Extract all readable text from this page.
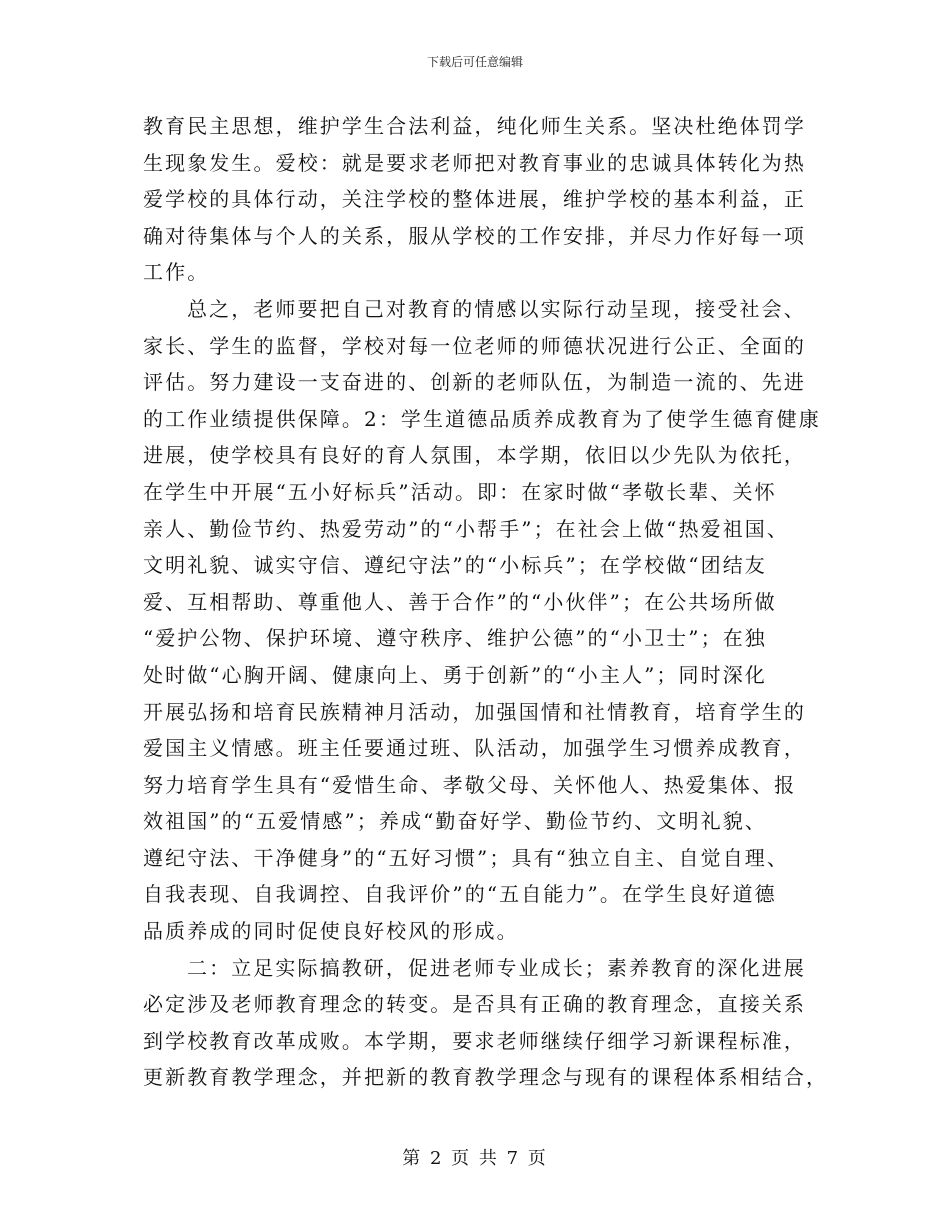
下载后可任意编辑
教育民主思想，维护学生合法利益，纯化师生关系。坚决杜绝体罚学
生现象发生。爱校：就是要求老师把对教育事业的忠诚具体转化为热
爱学校的具体行动，关注学校的整体进展，维护学校的基本利益，正
确对待集体与个人的关系，服从学校的工作安排，并尽力作好每一项
工作。
总之，老师要把自己对教育的情感以实际行动呈现，接受社会、
家长、学生的监督，学校对每一位老师的师德状况进行公正、全面的
评估。努力建设一支奋进的、创新的老师队伍，为制造一流的、先进
的工作业绩提供保障。2：学生道德品质养成教育为了使学生德育健康
进展，使学校具有良好的育人氛围，本学期，依旧以少先队为依托，
在学生中开展“五小好标兵”活动。即：在家时做“孝敬长辈、关怀
亲人、勤俭节约、热爱劳动”的“小帮手”；在社会上做“热爱祖国、
文明礼貌、诚实守信、遵纪守法”的“小标兵”；在学校做“团结友
爱、互相帮助、尊重他人、善于合作”的“小伙伴”；在公共场所做
“爱护公物、保护环境、遵守秩序、维护公德”的“小卫士”；在独
处时做“心胸开阔、健康向上、勇于创新”的“小主人”；同时深化
开展弘扬和培育民族精神月活动，加强国情和社情教育，培育学生的
爱国主义情感。班主任要通过班、队活动，加强学生习惯养成教育，
努力培育学生具有“爱惜生命、孝敬父母、关怀他人、热爱集体、报
效祖国”的“五爱情感”；养成“勤奋好学、勤俭节约、文明礼貌、
遵纪守法、干净健身”的“五好习惯”；具有“独立自主、自觉自理、
自我表现、自我调控、自我评价”的“五自能力”。在学生良好道德
品质养成的同时促使良好校风的形成。
二：立足实际搞教研，促进老师专业成长；素养教育的深化进展
必定涉及老师教育理念的转变。是否具有正确的教育理念，直接关系
到学校教育改革成败。本学期，要求老师继续仔细学习新课程标准，
更新教育教学理念，并把新的教育教学理念与现有的课程体系相结合，
第 2 页 共 7 页
